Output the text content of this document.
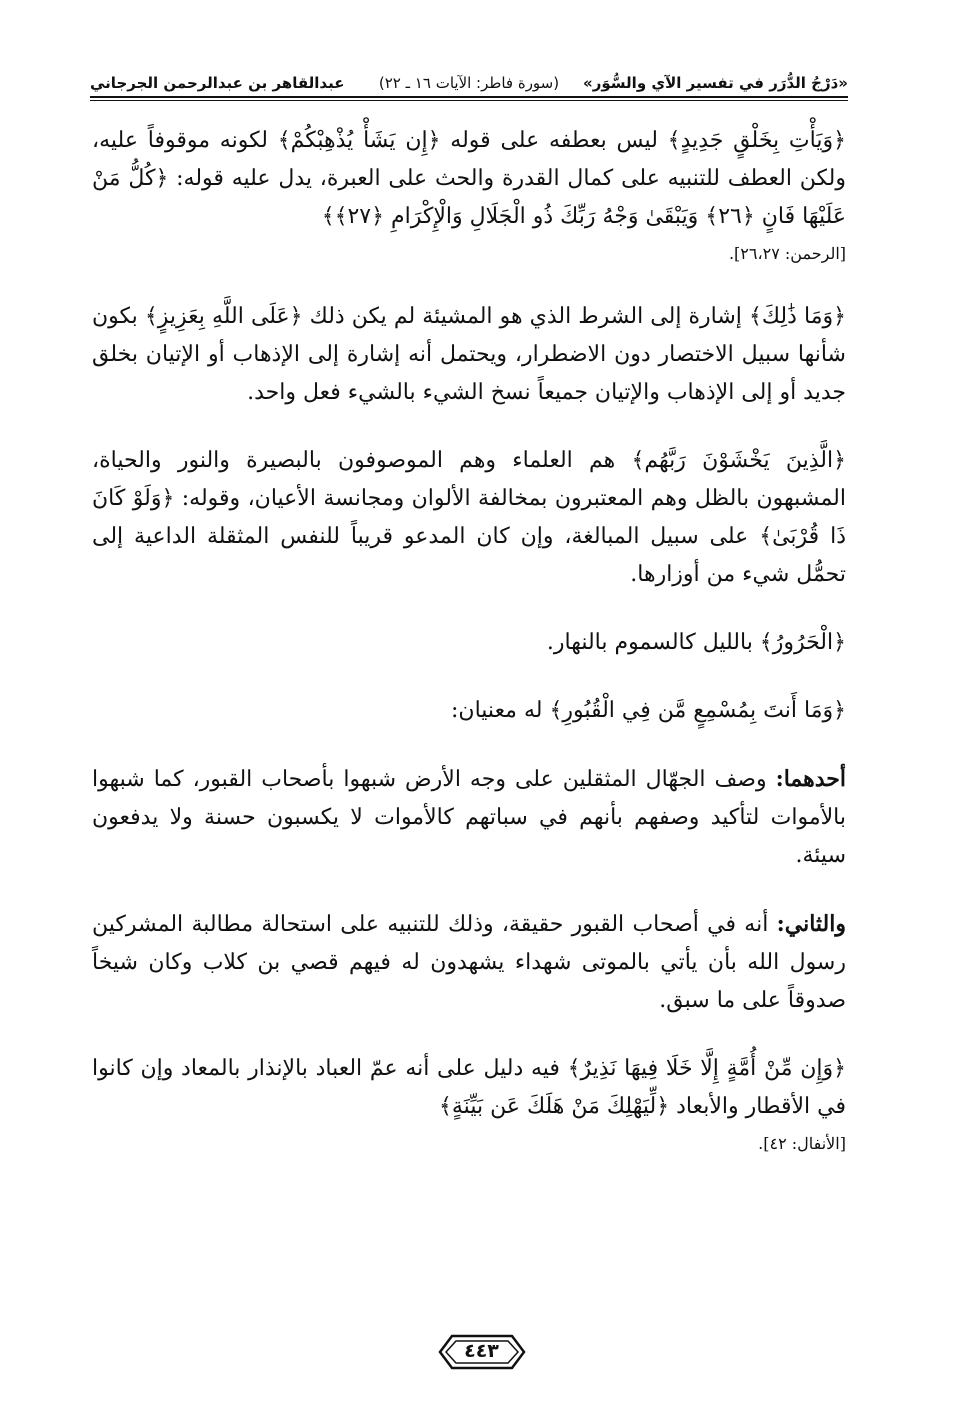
«دَرْجُ الدُّرَر في تفسير الآي والسُّوَر»
(سورة فاطر: الآيات ١٦ ـ ٢٢)
عبدالقاهر بن عبدالرحمن الجرجاني

﴿وَيَأْتِ بِخَلْقٍ جَدِيدٍ﴾ ليس بعطفه على قوله ﴿إِن يَشَأْ يُذْهِبْكُمْ﴾ لكونه موقوفاً عليه، ولكن العطف للتنبيه على كمال القدرة والحث على العبرة، يدل عليه قوله: ﴿كُلُّ مَنْ عَلَيْهَا فَانٍ ﴿٢٦﴾ وَيَبْقَىٰ وَجْهُ رَبِّكَ ذُو الْجَلَالِ وَالْإِكْرَامِ ﴿٢٧﴾﴾

[الرحمن: ٢٦،٢٧].

﴿وَمَا ذَٰلِكَ﴾ إشارة إلى الشرط الذي هو المشيئة لم يكن ذلك ﴿عَلَى اللَّهِ بِعَزِيزٍ﴾ بكون شأنها سبيل الاختصار دون الاضطرار، ويحتمل أنه إشارة إلى الإذهاب أو الإتيان بخلق جديد أو إلى الإذهاب والإتيان جميعاً نسخ الشيء بالشيء فعل واحد.

﴿الَّذِينَ يَخْشَوْنَ رَبَّهُم﴾ هم العلماء وهم الموصوفون بالبصيرة والنور والحياة، المشبهون بالظل وهم المعتبرون بمخالفة الألوان ومجانسة الأعيان، وقوله: ﴿وَلَوْ كَانَ ذَا قُرْبَىٰ﴾ على سبيل المبالغة، وإن كان المدعو قريباً للنفس المثقلة الداعية إلى تحمُّل شيء من أوزارها.

﴿الْحَرُورُ﴾ بالليل كالسموم بالنهار.

﴿وَمَا أَنتَ بِمُسْمِعٍ مَّن فِي الْقُبُورِ﴾ له معنيان:

أحدهما: وصف الجهّال المثقلين على وجه الأرض شبهوا بأصحاب القبور، كما شبهوا بالأموات لتأكيد وصفهم بأنهم في سباتهم كالأموات لا يكسبون حسنة ولا يدفعون سيئة.

والثاني: أنه في أصحاب القبور حقيقة، وذلك للتنبيه على استحالة مطالبة المشركين رسول الله بأن يأتي بالموتى شهداء يشهدون له فيهم قصي بن كلاب وكان شيخاً صدوقاً على ما سبق.

﴿وَإِن مِّنْ أُمَّةٍ إِلَّا خَلَا فِيهَا نَذِيرٌ﴾ فيه دليل على أنه عمّ العباد بالإنذار بالمعاد وإن كانوا في الأقطار والأبعاد ﴿لِّيَهْلِكَ مَنْ هَلَكَ عَن بَيِّنَةٍ﴾

[الأنفال: ٤٢].

٤٤٣
